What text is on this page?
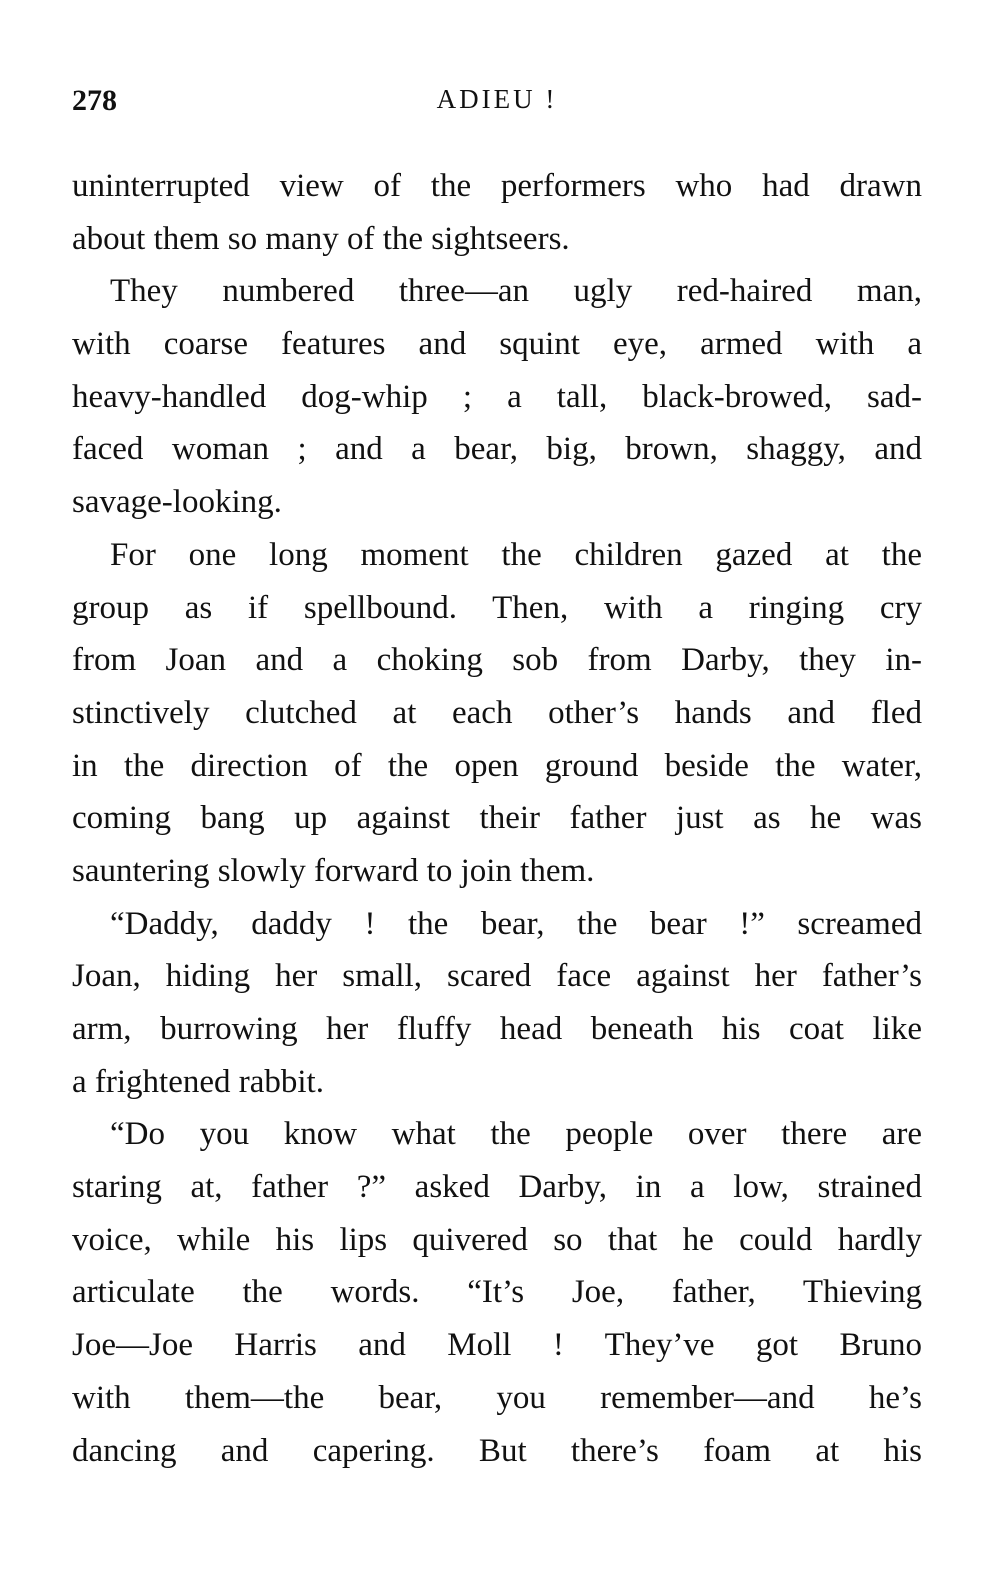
278	ADIEU !
uninterrupted view of the performers who had drawn
about them so many of the sightseers.
They numbered three—an ugly red-haired man,
with coarse features and squint eye, armed with a
heavy-handled dog-whip ; a tall, black-browed, sad-
faced woman ; and a bear, big, brown, shaggy, and
savage-looking.
For one long moment the children gazed at the
group as if spellbound. Then, with a ringing cry
from Joan and a choking sob from Darby, they in-
stinctively clutched at each other’s hands and fled
in the direction of the open ground beside the water,
coming bang up against their father just as he was
sauntering slowly forward to join them.
“Daddy, daddy ! the bear, the bear !” screamed
Joan, hiding her small, scared face against her father’s
arm, burrowing her fluffy head beneath his coat like
a frightened rabbit.
“Do you know what the people over there are
staring at, father ?” asked Darby, in a low, strained
voice, while his lips quivered so that he could hardly
articulate the words. “It’s Joe, father, Thieving
Joe—Joe Harris and Moll ! They’ve got Bruno
with them—the bear, you remember—and he’s
dancing and capering. But there’s foam at his
